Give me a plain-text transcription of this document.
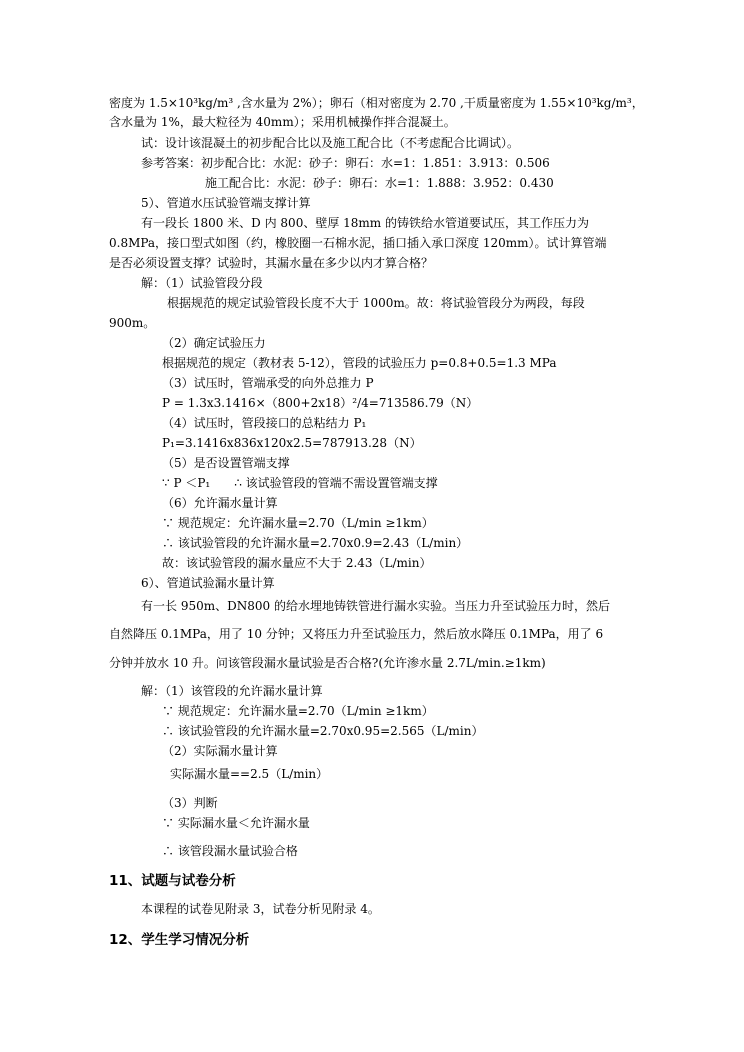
密度为 1.5×10³kg/m³ ,含水量为 2%）；卵石（相对密度为 2.70 ,干质量密度为 1.55×10³kg/m³，
含水量为 1%，最大粒径为 40mm）；采用机械操作拌合混凝土。
试：设计该混凝土的初步配合比以及施工配合比（不考虑配合比调试）。
参考答案：初步配合比：水泥：砂子：卵石：水=1：1.851：3.913：0.506
施工配合比：水泥：砂子：卵石：水=1：1.888：3.952：0.430
5）、管道水压试验管端支撑计算
有一段长 1800 米、D 内 800、壁厚 18mm 的铸铁给水管道要试压，其工作压力为
0.8MPa，接口型式如图（约，橡胶圈一石棉水泥，插口插入承口深度 120mm）。试计算管端
是否必须设置支撑？试验时，其漏水量在多少以内才算合格？
解：（1）试验管段分段
根据规范的规定试验管段长度不大于 1000m。故：将试验管段分为两段，每段
900m。
（2）确定试验压力
根据规范的规定（教材表 5-12），管段的试验压力 p=0.8+0.5=1.3 MPa
（3）试压时，管端承受的向外总推力 P
P = 1.3x3.1416×（800+2x18）²/4=713586.79（N）
（4）试压时，管段接口的总粘结力 P₁
P₁=3.1416x836x120x2.5=787913.28（N）
（5）是否设置管端支撑
∵ P ＜P₁　　∴ 该试验管段的管端不需设置管端支撑
（6）允许漏水量计算
∵ 规范规定：允许漏水量=2.70（L/min ≥1km）
∴ 该试验管段的允许漏水量=2.70x0.9=2.43（L/min）
故：该试验管段的漏水量应不大于 2.43（L/min）
6）、管道试验漏水量计算
有一长 950m、DN800 的给水埋地铸铁管进行漏水实验。当压力升至试验压力时，然后
自然降压 0.1MPa，用了 10 分钟；又将压力升至试验压力，然后放水降压 0.1MPa，用了 6
分钟并放水 10 升。问该管段漏水量试验是否合格?(允许渗水量 2.7L/min.≥1km)
解：（1）该管段的允许漏水量计算
∵ 规范规定：允许漏水量=2.70（L/min ≥1km）
∴ 该试验管段的允许漏水量=2.70x0.95=2.565（L/min）
（2）实际漏水量计算
实际漏水量==2.5（L/min）
（3）判断
∵ 实际漏水量＜允许漏水量
∴ 该管段漏水量试验合格
11、试题与试卷分析
本课程的试卷见附录 3，试卷分析见附录 4。
12、学生学习情况分析
